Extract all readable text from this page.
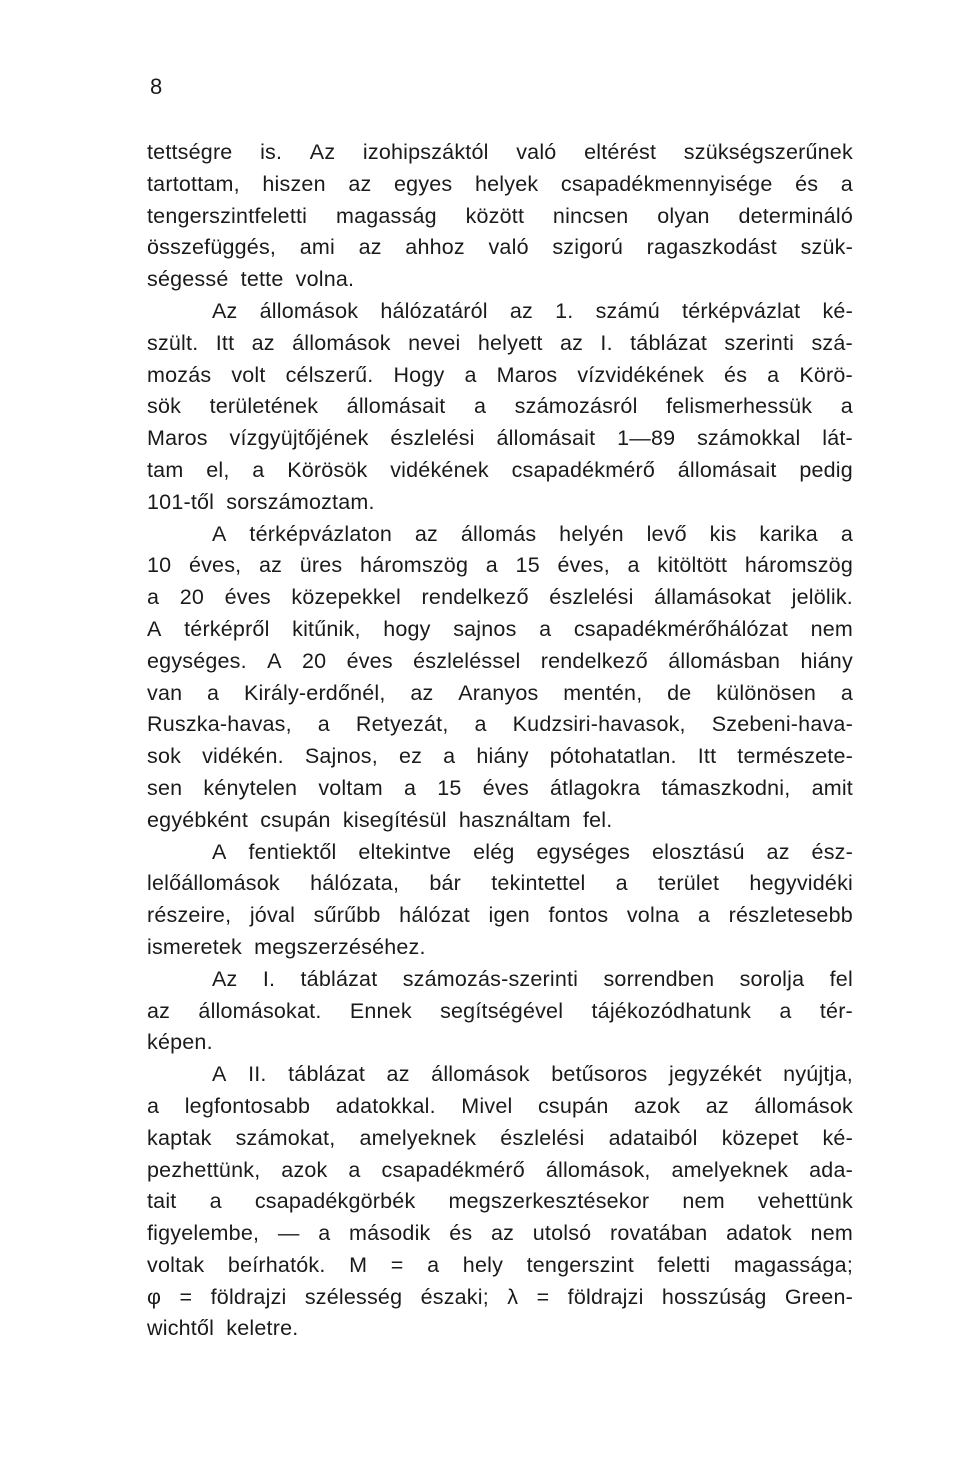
8
tettségre is. Az izohipszáktól való eltérést szükségszerűnek
tartottam, hiszen az egyes helyek csapadékmennyisége és a
tengerszintfeletti magasság között nincsen olyan determináló
összefüggés, ami az ahhoz való szigorú ragaszkodást szük-
ségessé tette volna.
Az állomások hálózatáról az 1. számú térképvázlat ké-
szült. Itt az állomások nevei helyett az I. táblázat szerinti szá-
mozás volt célszerű. Hogy a Maros vízvidékének és a Körö-
sök területének állomásait a számozásról felismerhessük a
Maros vízgyüjtőjének észlelési állomásait 1—89 számokkal lát-
tam el, a Körösök vidékének csapadékmérő állomásait pedig
101-től sorszámoztam.
A térképvázlaton az állomás helyén levő kis karika a
10 éves, az üres háromszög a 15 éves, a kitöltött háromszög
a 20 éves közepekkel rendelkező észlelési államásokat jelölik.
A térképről kitűnik, hogy sajnos a csapadékmérőhálózat nem
egységes. A 20 éves észleléssel rendelkező állomásban hiány
van a Király-erdőnél, az Aranyos mentén, de különösen a
Ruszka-havas, a Retyezát, a Kudzsiri-havasok, Szebeni-hava-
sok vidékén. Sajnos, ez a hiány pótohatatlan. Itt természete-
sen kénytelen voltam a 15 éves átlagokra támaszkodni, amit
egyébként csupán kisegítésül használtam fel.
A fentiektől eltekintve elég egységes elosztású az ész-
lelőállomások hálózata, bár tekintettel a terület hegyvidéki
részeire, jóval sűrűbb hálózat igen fontos volna a részletesebb
ismeretek megszerzéséhez.
Az I. táblázat számozás-szerinti sorrendben sorolja fel
az állomásokat. Ennek segítségével tájékozódhatunk a tér-
képen.
A II. táblázat az állomások betűsoros jegyzékét nyújtja,
a legfontosabb adatokkal. Mivel csupán azok az állomások
kaptak számokat, amelyeknek észlelési adataiból közepet ké-
pezhettünk, azok a csapadékmérő állomások, amelyeknek ada-
tait a csapadékgörbék megszerkesztésekor nem vehettünk
figyelembe, — a második és az utolsó rovatában adatok nem
voltak beírhatók. M = a hely tengerszint feletti magassága;
φ = földrajzi szélesség északi; λ = földrajzi hosszúság Green-
wichtől keletre.
